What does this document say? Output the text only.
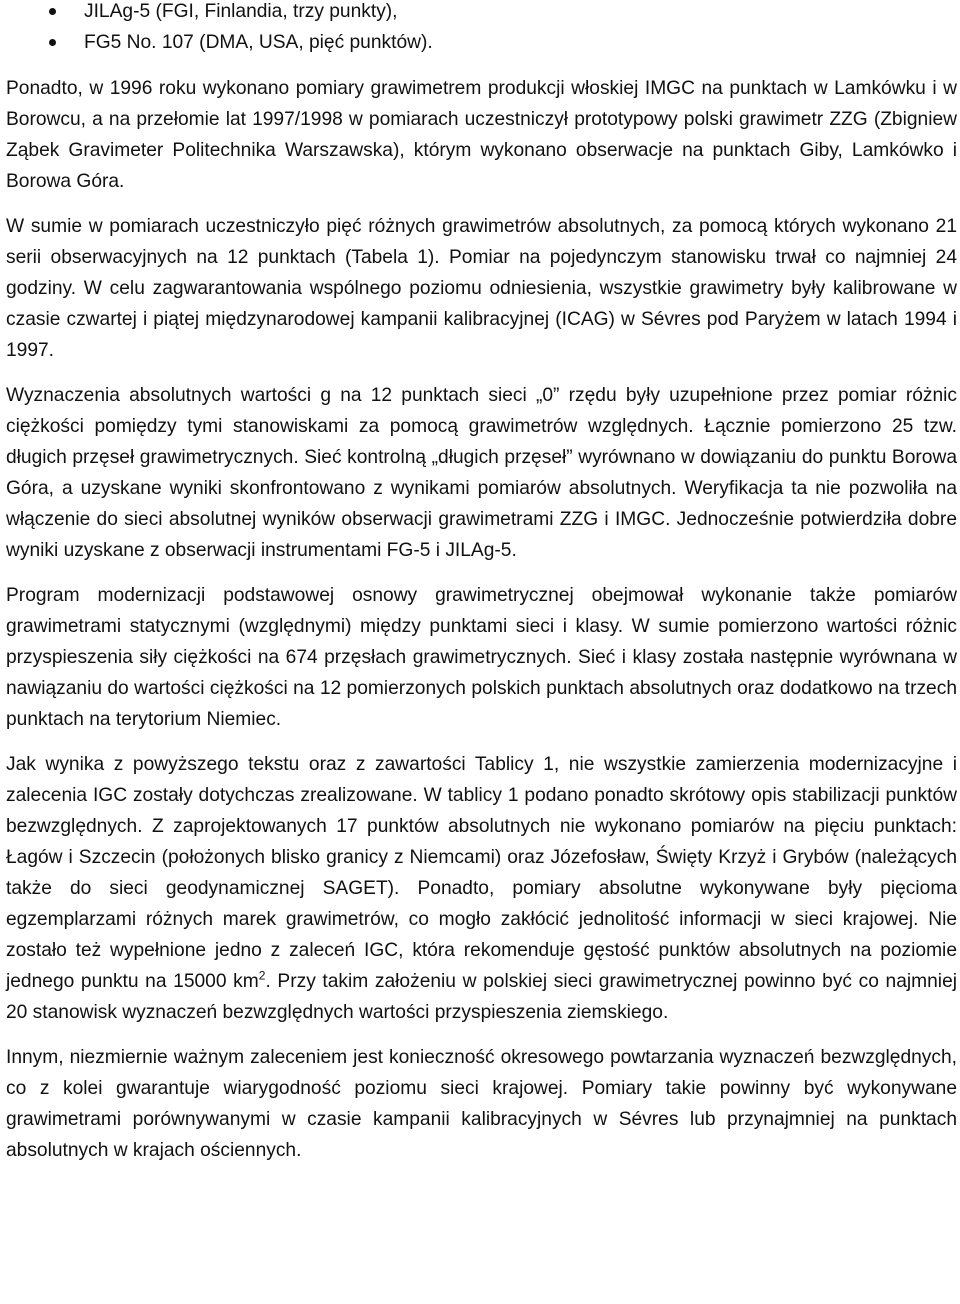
JILAg-5 (FGI, Finlandia, trzy punkty),
FG5 No. 107 (DMA, USA, pięć punktów).

Ponadto, w 1996 roku wykonano pomiary grawimetrem produkcji włoskiej IMGC na punktach w Lamkówku i w Borowcu, a na przełomie lat 1997/1998 w pomiarach uczestniczył prototypowy polski grawimetr ZZG (Zbigniew Ząbek Gravimeter Politechnika Warszawska), którym wykonano obserwacje na punktach Giby, Lamkówko i Borowa Góra.

W sumie w pomiarach uczestniczyło pięć różnych grawimetrów absolutnych, za pomocą których wykonano 21 serii obserwacyjnych na 12 punktach (Tabela 1). Pomiar na pojedynczym stanowisku trwał co najmniej 24 godziny. W celu zagwarantowania wspólnego poziomu odniesienia, wszystkie grawimetry były kalibrowane w czasie czwartej i piątej międzynarodowej kampanii kalibracyjnej (ICAG) w Sévres pod Paryżem w latach 1994 i 1997.

Wyznaczenia absolutnych wartości g na 12 punktach sieci „0” rzędu były uzupełnione przez pomiar różnic ciężkości pomiędzy tymi stanowiskami za pomocą grawimetrów względnych. Łącznie pomierzono 25 tzw. długich przęseł grawimetrycznych. Sieć kontrolną „długich przęseł” wyrównano w dowiązaniu do punktu Borowa Góra, a uzyskane wyniki skonfrontowano z wynikami pomiarów absolutnych. Weryfikacja ta nie pozwoliła na włączenie do sieci absolutnej wyników obserwacji grawimetrami ZZG i IMGC. Jednocześnie potwierdziła dobre wyniki uzyskane z obserwacji instrumentami FG-5 i JILAg-5.

Program modernizacji podstawowej osnowy grawimetrycznej obejmował wykonanie także pomiarów grawimetrami statycznymi (względnymi) między punktami sieci i klasy. W sumie pomierzono wartości różnic przyspieszenia siły ciężkości na 674 przęsłach grawimetrycznych. Sieć i klasy została następnie wyrównana w nawiązaniu do wartości ciężkości na 12 pomierzonych polskich punktach absolutnych oraz dodatkowo na trzech punktach na terytorium Niemiec.

Jak wynika z powyższego tekstu oraz z zawartości Tablicy 1, nie wszystkie zamierzenia modernizacyjne i zalecenia IGC zostały dotychczas zrealizowane. W tablicy 1 podano ponadto skrótowy opis stabilizacji punktów bezwzględnych. Z zaprojektowanych 17 punktów absolutnych nie wykonano pomiarów na pięciu punktach: Łagów i Szczecin (położonych blisko granicy z Niemcami) oraz Józefosław, Święty Krzyż i Grybów (należących także do sieci geodynamicznej SAGET). Ponadto, pomiary absolutne wykonywane były pięcioma egzemplarzami różnych marek grawimetrów, co mogło zakłócić jednolitość informacji w sieci krajowej. Nie zostało też wypełnione jedno z zaleceń IGC, która rekomenduje gęstość punktów absolutnych na poziomie jednego punktu na 15000 $km^2$. Przy takim założeniu w polskiej sieci grawimetrycznej powinno być co najmniej 20 stanowisk wyznaczeń bezwzględnych wartości przyspieszenia ziemskiego.

Innym, niezmiernie ważnym zaleceniem jest konieczność okresowego powtarzania wyznaczeń bezwzględnych, co z kolei gwarantuje wiarygodność poziomu sieci krajowej. Pomiary takie powinny być wykonywane grawimetrami porównywanymi w czasie kampanii kalibracyjnych w Sévres lub przynajmniej na punktach absolutnych w krajach ościennych.
